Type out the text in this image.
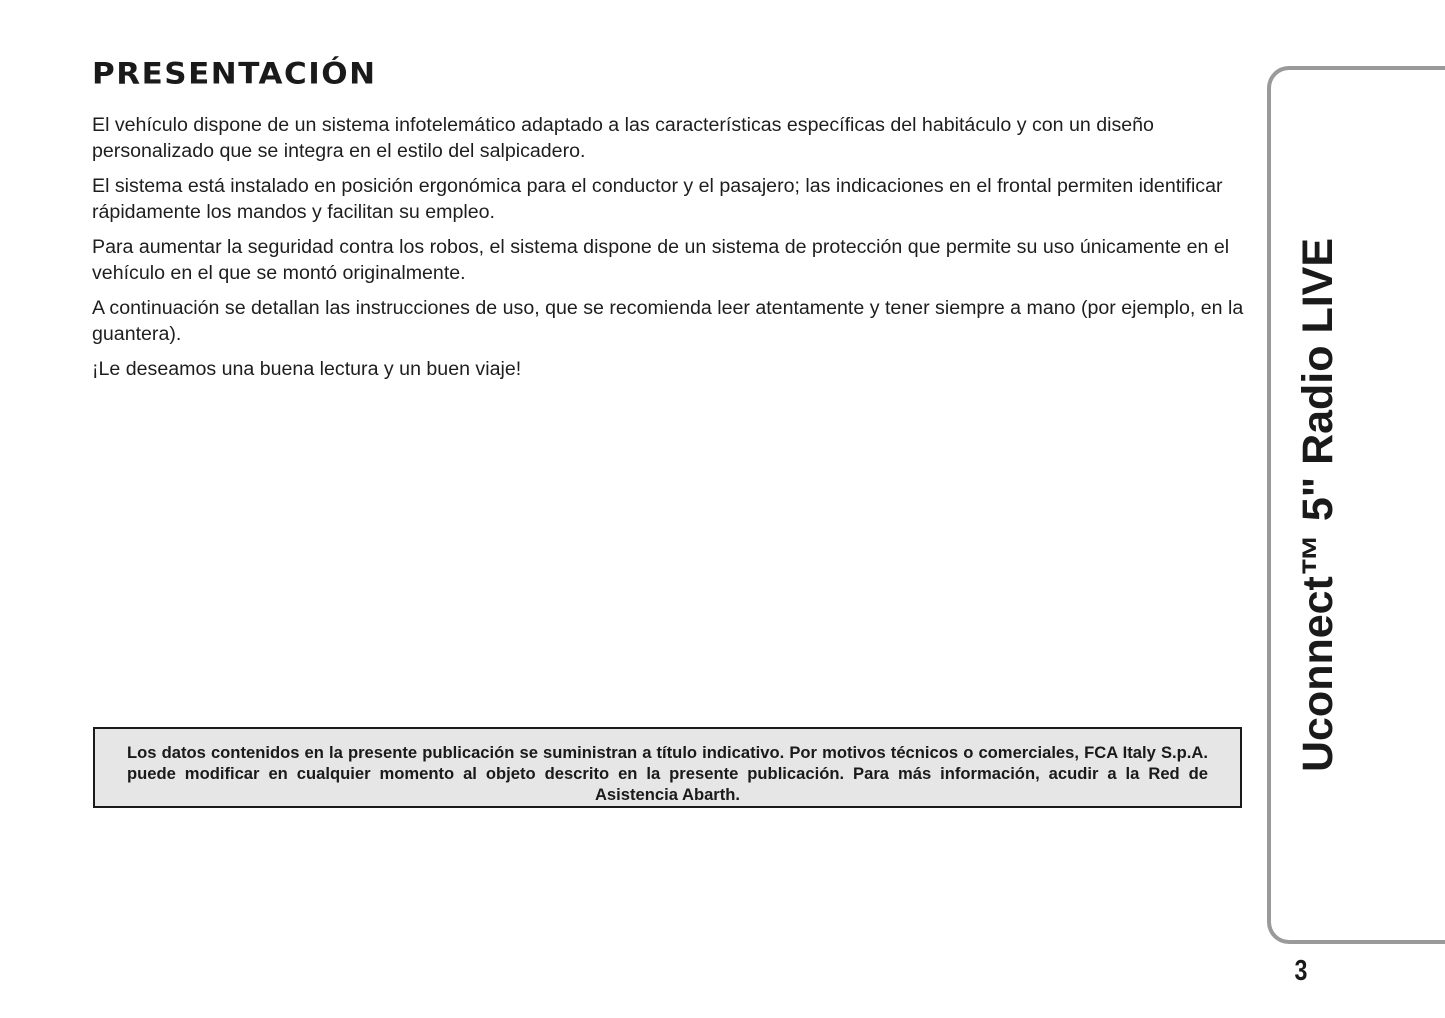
PRESENTACIÓN

El vehículo dispone de un sistema infotelemático adaptado a las características específicas del habitáculo y con un diseño personalizado que se integra en el estilo del salpicadero.

El sistema está instalado en posición ergonómica para el conductor y el pasajero; las indicaciones en el frontal permiten identificar rápidamente los mandos y facilitan su empleo.

Para aumentar la seguridad contra los robos, el sistema dispone de un sistema de protección que permite su uso únicamente en el vehículo en el que se montó originalmente.

A continuación se detallan las instrucciones de uso, que se recomienda leer atentamente y tener siempre a mano (por ejemplo, en la guantera).

¡Le deseamos una buena lectura y un buen viaje!

Los datos contenidos en la presente publicación se suministran a título indicativo. Por motivos técnicos o comerciales, FCA Italy S.p.A. puede modificar en cualquier momento al objeto descrito en la presente publicación. Para más información, acudir a la Red de Asistencia Abarth.

Uconnect™ 5" Radio LIVE
3
